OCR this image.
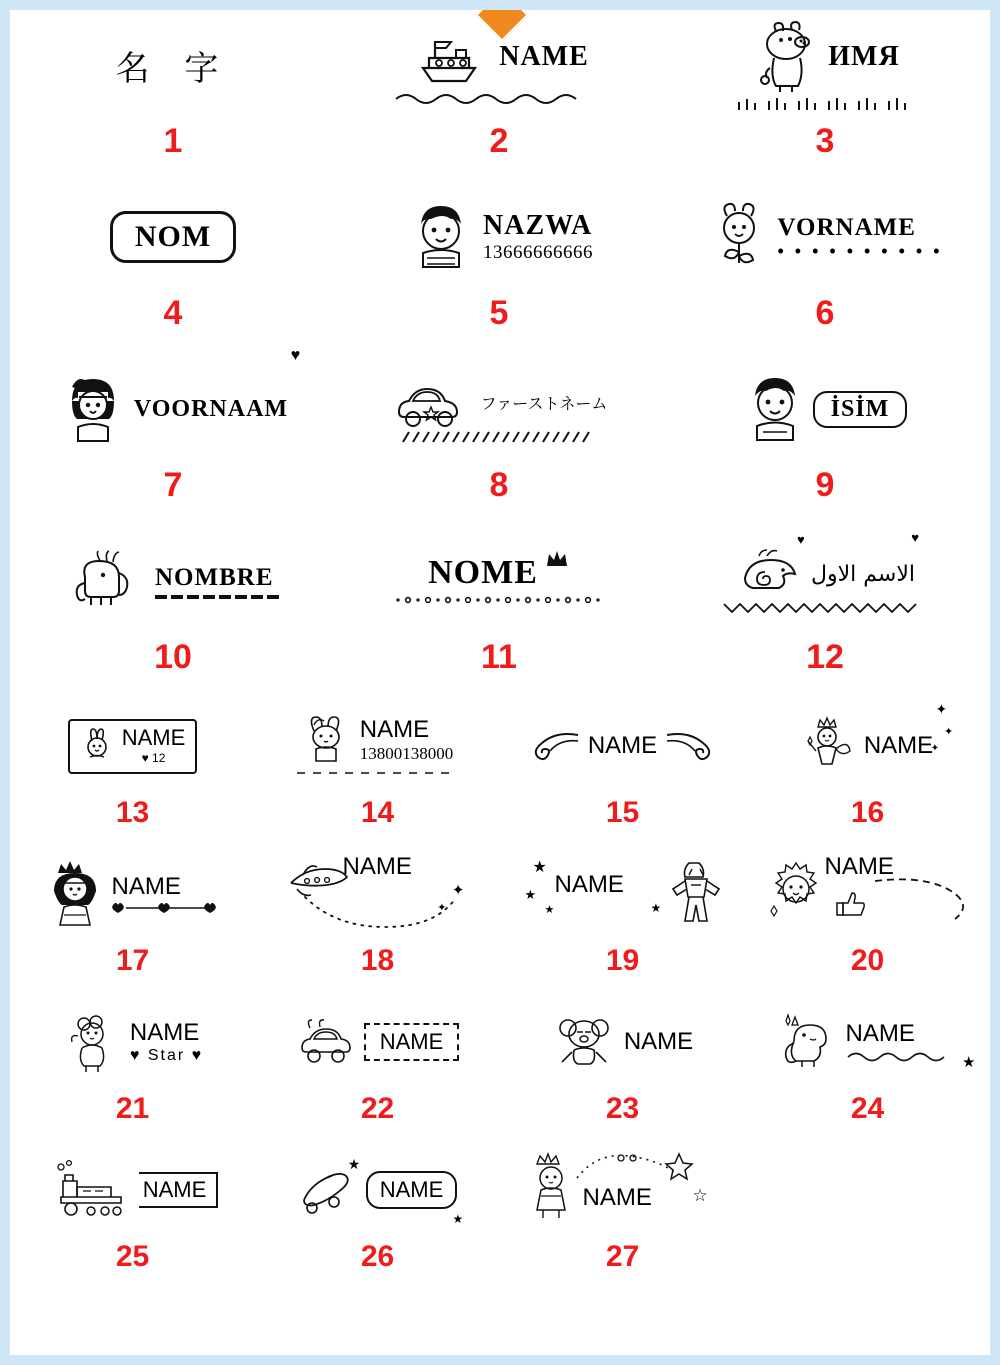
名 字
1
NAME
2
ИМЯ
3
NOM
4
NAZWA
13666666666
5
VORNAME
• • • • • • • • • •
6
VOORNAAM
♥
7
ファーストネーム
8
İSİM
9
NOMBRE
10
NOME
11
الاسم الاول
♥	♥
12
NAME
♥ 12
13
NAME
13800138000
14
NAME
15
NAME
✦
✦
✦
16
NAME
17
NAME
✦
✦
18
★
★
★
NAME
★
19
NAME
20
NAME
♥ Star ♥
21
NAME
22
NAME
23
NAME
★
24
NAME
25
NAME
★
★
26
NAME ☆
27
